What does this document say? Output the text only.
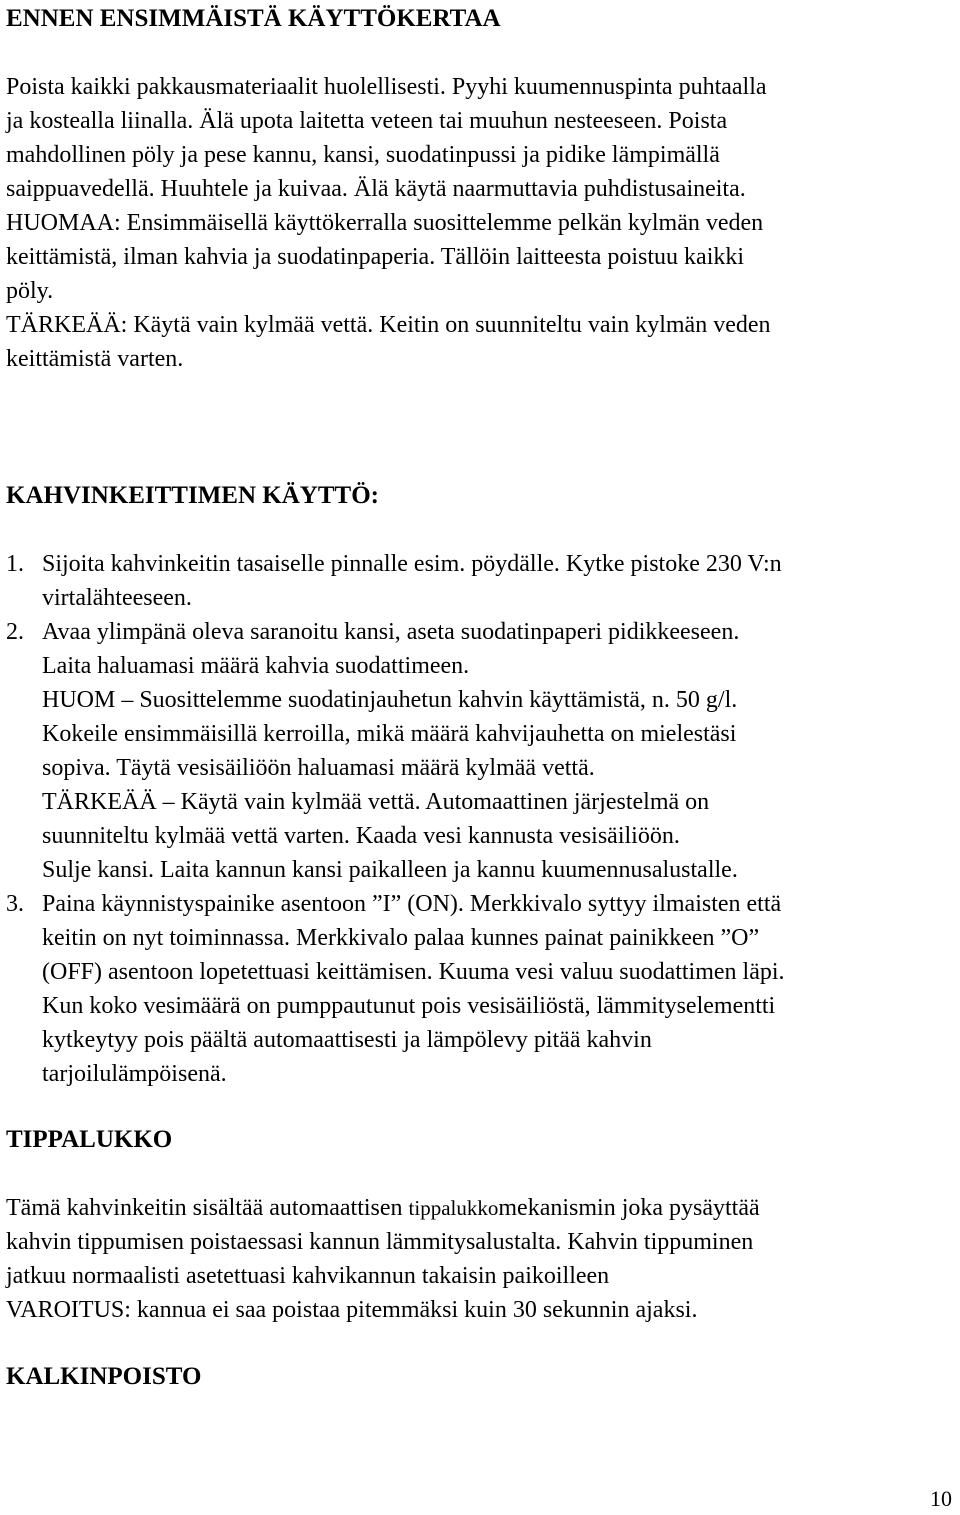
ENNEN ENSIMMÄISTÄ KÄYTTÖKERTAA

Poista kaikki pakkausmateriaalit huolellisesti. Pyyhi kuumennuspinta puhtaalla

ja kostealla liinalla. Älä upota laitetta veteen tai muuhun nesteeseen. Poista

mahdollinen pöly ja pese kannu, kansi, suodatinpussi ja pidike lämpimällä

saippuavedellä. Huuhtele ja kuivaa. Älä käytä naarmuttavia puhdistusaineita.

HUOMAA: Ensimmäisellä käyttökerralla suosittelemme pelkän kylmän veden

keittämistä, ilman kahvia ja suodatinpaperia. Tällöin laitteesta poistuu kaikki

pöly.

TÄRKEÄÄ: Käytä vain kylmää vettä. Keitin on suunniteltu vain kylmän veden

keittämistä varten.

KAHVINKEITTIMEN KÄYTTÖ:

1. Sijoita kahvinkeitin tasaiselle pinnalle esim. pöydälle. Kytke pistoke 230 V:n

virtalähteeseen.

2. Avaa ylimpänä oleva saranoitu kansi, aseta suodatinpaperi pidikkeeseen.

Laita haluamasi määrä kahvia suodattimeen.

HUOM – Suosittelemme suodatinjauhetun kahvin käyttämistä, n. 50 g/l.

Kokeile ensimmäisillä kerroilla, mikä määrä kahvijauhetta on mielestäsi

sopiva. Täytä vesisäiliöön haluamasi määrä kylmää vettä.

TÄRKEÄÄ – Käytä vain kylmää vettä. Automaattinen järjestelmä on

suunniteltu kylmää vettä varten. Kaada vesi kannusta vesisäiliöön.

Sulje kansi. Laita kannun kansi paikalleen ja kannu kuumennusalustalle.

3. Paina käynnistyspainike asentoon ”I” (ON). Merkkivalo syttyy ilmaisten että

keitin on nyt toiminnassa. Merkkivalo palaa kunnes painat painikkeen ”O”

(OFF) asentoon lopetettuasi keittämisen. Kuuma vesi valuu suodattimen läpi.

Kun koko vesimäärä on pumppautunut pois vesisäiliöstä, lämmityselementti

kytkeytyy pois päältä automaattisesti ja lämpölevy pitää kahvin

tarjoilulämpöisenä.

TIPPALUKKO

Tämä kahvinkeitin sisältää automaattisen tippalukkomekanismin joka pysäyttää

kahvin tippumisen poistaessasi kannun lämmitysalustalta. Kahvin tippuminen

jatkuu normaalisti asetettuasi kahvikannun takaisin paikoilleen

VAROITUS: kannua ei saa poistaa pitemmäksi kuin 30 sekunnin ajaksi.

KALKINPOISTO

10
